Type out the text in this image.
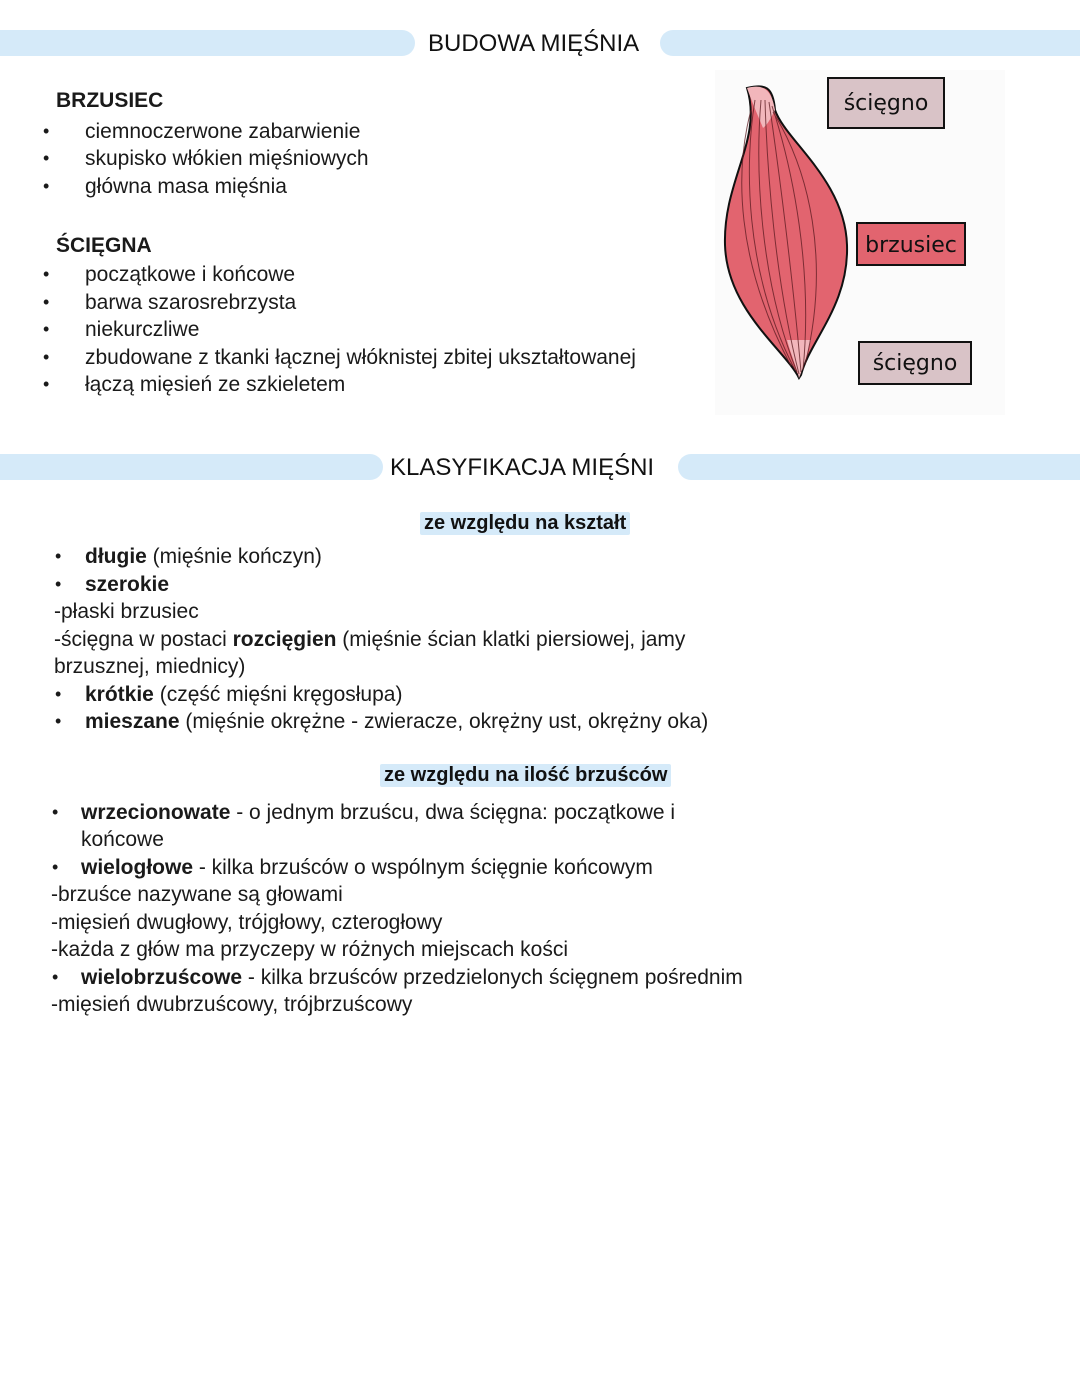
BUDOWA MIĘŚNIA
BRZUSIEC
• ciemnoczerwone zabarwienie
• skupisko włókien mięśniowych
• główna masa mięśnia
ŚCIĘGNA
• początkowe i końcowe
• barwa szarosrebrzysta
• niekurczliwe
• zbudowane z tkanki łącznej włóknistej zbitej ukształtowanej
• łączą mięsień ze szkieletem
ścięgno
brzusiec
ścięgno
KLASYFIKACJA MIĘŚNI
ze względu na kształt
• długie (mięśnie kończyn)
• szerokie
-płaski brzusiec
-ścięgna w postaci rozcięgien (mięśnie ścian klatki piersiowej, jamy
brzusznej, miednicy)
• krótkie (część mięśni kręgosłupa)
• mieszane (mięśnie okrężne - zwieracze, okrężny ust, okrężny oka)
ze względu na ilość brzuśców
• wrzecionowate - o jednym brzuścu, dwa ścięgna: początkowe i
końcowe
• wielogłowe - kilka brzuśców o wspólnym ścięgnie końcowym
-brzuśce nazywane są głowami
-mięsień dwugłowy, trójgłowy, czterogłowy
-każda z głów ma przyczepy w różnych miejscach kości
• wielobrzuścowe - kilka brzuśców przedzielonych ścięgnem pośrednim
-mięsień dwubrzuścowy, trójbrzuścowy
